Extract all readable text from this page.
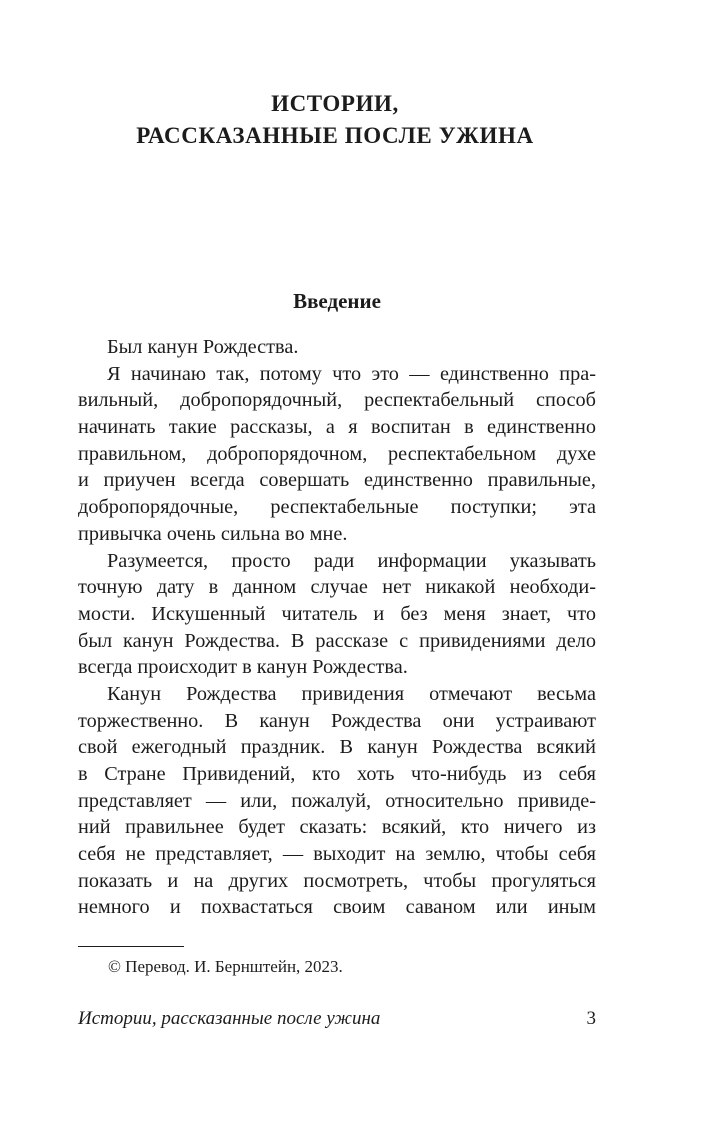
ИСТОРИИ,
РАССКАЗАННЫЕ ПОСЛЕ УЖИНА
Введение
Был канун Рождества.
Я начинаю так, потому что это — единственно пра-
вильный, добропорядочный, респектабельный способ
начинать такие рассказы, а я воспитан в единственно
правильном, добропорядочном, респектабельном духе
и приучен всегда совершать единственно правильные,
добропорядочные, респектабельные поступки; эта
привычка очень сильна во мне.
Разумеется, просто ради информации указывать
точную дату в данном случае нет никакой необходи-
мости. Искушенный читатель и без меня знает, что
был канун Рождества. В рассказе с привидениями дело
всегда происходит в канун Рождества.
Канун Рождества привидения отмечают весьма
торжественно. В канун Рождества они устраивают
свой ежегодный праздник. В канун Рождества всякий
в Стране Привидений, кто хоть что-нибудь из себя
представляет — или, пожалуй, относительно привиде-
ний правильнее будет сказать: всякий, кто ничего из
себя не представляет, — выходит на землю, чтобы себя
показать и на других посмотреть, чтобы прогуляться
немного и похвастаться своим саваном или иным
© Перевод. И. Бернштейн, 2023.
Истории, рассказанные после ужина	3
